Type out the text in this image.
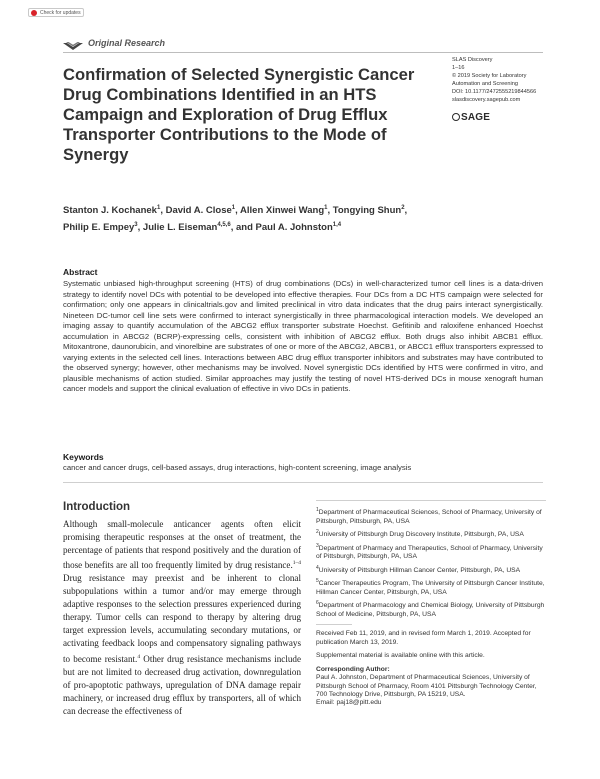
Check for updates
Original Research
Confirmation of Selected Synergistic Cancer Drug Combinations Identified in an HTS Campaign and Exploration of Drug Efflux Transporter Contributions to the Mode of Synergy
SLAS Discovery
1–16
© 2019 Society for Laboratory
Automation and Screening
DOI: 10.1177/2472555219844566
slasdiscovery.sagepub.com
SAGE

Stanton J. Kochanek$^1$, David A. Close$^1$, Allen Xinwei Wang$^1$, Tongying Shun$^2$,
Philip E. Empey$^3$, Julie L. Eiseman$^{4,5,6}$, and Paul A. Johnston$^{1,4}$

Abstract

Systematic unbiased high-throughput screening (HTS) of drug combinations (DCs) in well-characterized tumor cell lines is a data-driven strategy to identify novel DCs with potential to be developed into effective therapies. Four DCs from a DC HTS campaign were selected for confirmation; only one appears in clinicaltrials.gov and limited preclinical in vitro data indicates that the drug pairs interact synergistically. Nineteen DC-tumor cell line sets were confirmed to interact synergistically in three pharmacological interaction models. We developed an imaging assay to quantify accumulation of the ABCG2 efflux transporter substrate Hoechst. Gefitinib and raloxifene enhanced Hoechst accumulation in ABCG2 (BCRP)-expressing cells, consistent with inhibition of ABCG2 efflux. Both drugs also inhibit ABCB1 efflux. Mitoxantrone, daunorubicin, and vinorelbine are substrates of one or more of the ABCG2, ABCB1, or ABCC1 efflux transporters expressed to varying extents in the selected cell lines. Interactions between ABC drug efflux transporter inhibitors and substrates may have contributed to the observed synergy; however, other mechanisms may be involved. Novel synergistic DCs identified by HTS were confirmed in vitro, and plausible mechanisms of action studied. Similar approaches may justify the testing of novel HTS-derived DCs in mouse xenograft human cancer models and support the clinical evaluation of effective in vivo DCs in patients.

Keywords
cancer and cancer drugs, cell-based assays, drug interactions, high-content screening, image analysis
Introduction

Although small-molecule anticancer agents often elicit promising therapeutic responses at the onset of treatment, the percentage of patients that respond positively and the duration of those benefits are all too frequently limited by drug resistance.$^{1-4}$ Drug resistance may preexist and be inherent to clonal subpopulations within a tumor and/or may emerge through adaptive responses to the selection pressures experienced during therapy. Tumor cells can respond to therapy by altering drug target expression levels, accumulating secondary mutations, or activating feedback loops and compensatory signaling pathways to become resistant.$^4$ Other drug resistance mechanisms include but are not limited to decreased drug activation, downregulation of pro-apoptotic pathways, upregulation of DNA damage repair machinery, or increased drug efflux by transporters, all of which can decrease the effectiveness of

$^1$Department of Pharmaceutical Sciences, School of Pharmacy, University of Pittsburgh, Pittsburgh, PA, USA
$^2$University of Pittsburgh Drug Discovery Institute, Pittsburgh, PA, USA
$^3$Department of Pharmacy and Therapeutics, School of Pharmacy, University of Pittsburgh, Pittsburgh, PA, USA
$^4$University of Pittsburgh Hillman Cancer Center, Pittsburgh, PA, USA
$^5$Cancer Therapeutics Program, The University of Pittsburgh Cancer Institute, Hillman Cancer Center, Pittsburgh, PA, USA
$^6$Department of Pharmacology and Chemical Biology, University of Pittsburgh School of Medicine, Pittsburgh, PA, USA

Received Feb 11, 2019, and in revised form March 1, 2019. Accepted for publication March 13, 2019.

Supplemental material is available online with this article.

Corresponding Author:
Paul A. Johnston, Department of Pharmaceutical Sciences, University of Pittsburgh School of Pharmacy, Room 4101 Pittsburgh Technology Center, 700 Technology Drive, Pittsburgh, PA 15219, USA.
Email: paj18@pitt.edu
